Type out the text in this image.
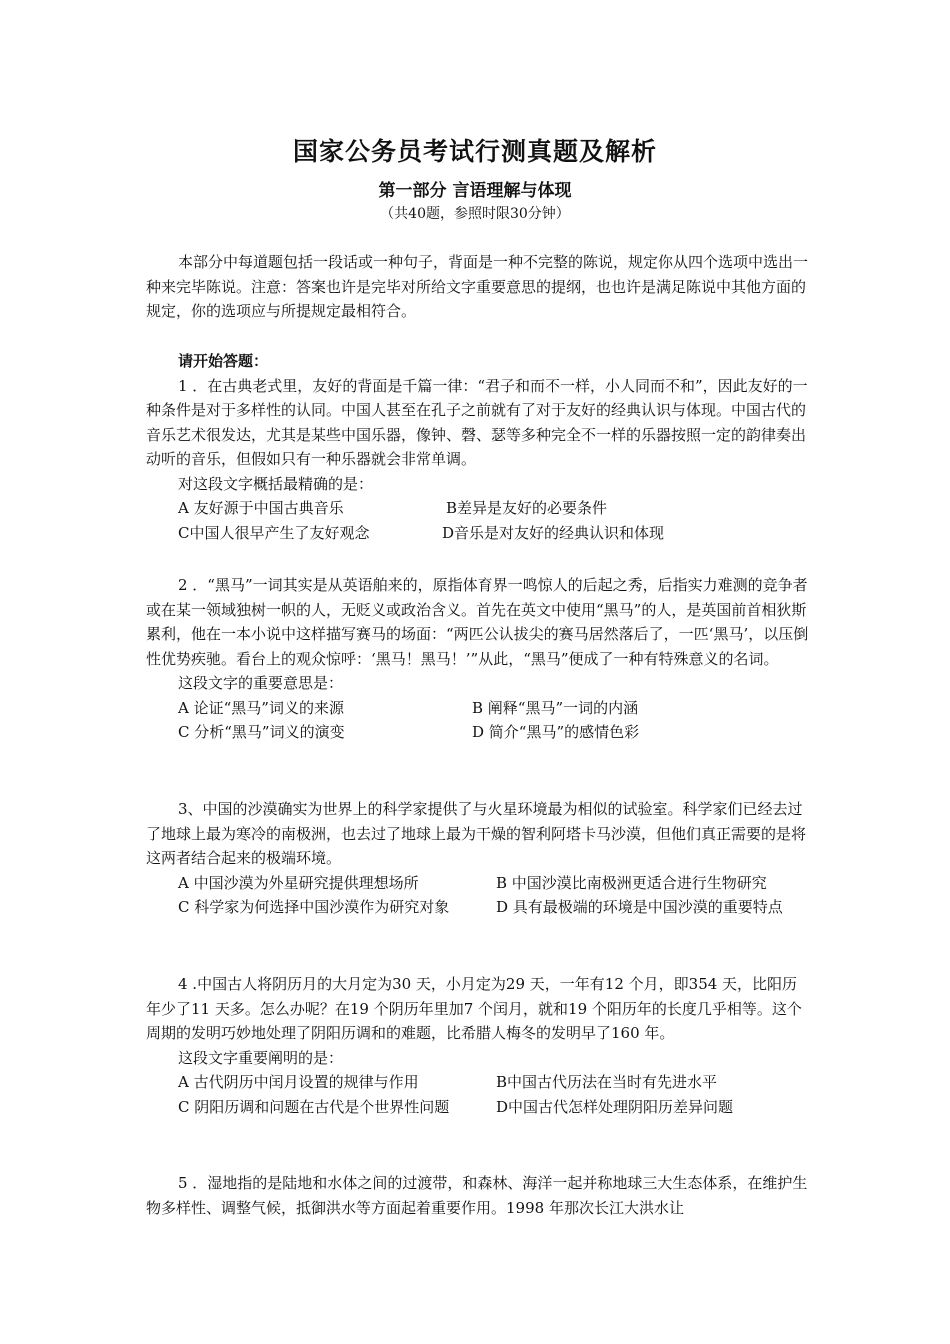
国家公务员考试行测真题及解析
第一部分 言语理解与体现
（共40题，参照时限30分钟）

本部分中每道题包括一段话或一种句子，背面是一种不完整的陈说，规定你从四个选项中选出一种来完毕陈说。注意：答案也许是完毕对所给文字重要意思的提纲，也也许是满足陈说中其他方面的规定，你的选项应与所提规定最相符合。

请开始答题：

1 ．在古典老式里，友好的背面是千篇一律：“君子和而不一样，小人同而不和”，因此友好的一种条件是对于多样性的认同。中国人甚至在孔子之前就有了对于友好的经典认识与体现。中国古代的音乐艺术很发达，尤其是某些中国乐器，像钟、磬、瑟等多种完全不一样的乐器按照一定的韵律奏出动听的音乐，但假如只有一种乐器就会非常单调。

对这段文字概括最精确的是：

A 友好源于中国古典音乐	B差异是友好的必要条件

C中国人很早产生了友好观念	D音乐是对友好的经典认识和体现

2 ．“黑马”一词其实是从英语舶来的，原指体育界一鸣惊人的后起之秀，后指实力难测的竞争者或在某一领域独树一帜的人，无贬义或政治含义。首先在英文中使用“黑马”的人，是英国前首相狄斯累利，他在一本小说中这样描写赛马的场面：“两匹公认拔尖的赛马居然落后了，一匹‘黑马’，以压倒性优势疾驰。看台上的观众惊呼：‘黑马！黑马！’”从此，“黑马”便成了一种有特殊意义的名词。

这段文字的重要意思是：

A 论证“黑马”词义的来源	B 阐释“黑马”一词的内涵

C 分析“黑马”词义的演变	D 简介“黑马”的感情色彩

3、中国的沙漠确实为世界上的科学家提供了与火星环境最为相似的试验室。科学家们已经去过了地球上最为寒冷的南极洲，也去过了地球上最为干燥的智利阿塔卡马沙漠，但他们真正需要的是将这两者结合起来的极端环境。

A 中国沙漠为外星研究提供理想场所	B 中国沙漠比南极洲更适合进行生物研究

C 科学家为何选择中国沙漠作为研究对象	D 具有最极端的环境是中国沙漠的重要特点

4 .中国古人将阴历月的大月定为30 天，小月定为29 天，一年有12 个月，即354 天，比阳历年少了11 天多。怎么办呢？在19 个阴历年里加7 个闰月，就和19 个阳历年的长度几乎相等。这个周期的发明巧妙地处理了阴阳历调和的难题，比希腊人梅冬的发明早了160 年。

这段文字重要阐明的是：

A 古代阴历中闰月设置的规律与作用	B中国古代历法在当时有先进水平

C 阴阳历调和问题在古代是个世界性问题	D中国古代怎样处理阴阳历差异问题

5 ．湿地指的是陆地和水体之间的过渡带，和森林、海洋一起并称地球三大生态体系，在维护生物多样性、调整气候，抵御洪水等方面起着重要作用。1998 年那次长江大洪水让
